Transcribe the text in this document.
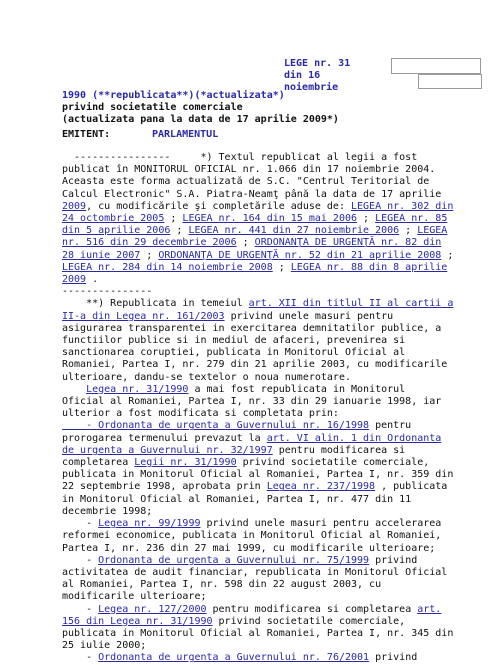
LEGE nr. 31
din 16
noiembrie
1990 (**republicata**)(*actualizata*)
privind societatile comerciale
(actualizata pana la data de 17 aprilie 2009*)
EMITENT:	PARLAMENTUL

----------------     *) Textul republicat al legii a fost
publicat în MONITORUL OFICIAL nr. 1.066 din 17 noiembrie 2004.
Aceasta este forma actualizată de S.C. "Centrul Teritorial de
Calcul Electronic" S.A. Piatra-Neamţ până la data de 17 aprilie
2009, cu modificările şi completările aduse de: LEGEA nr. 302 din
24 octombrie 2005 ; LEGEA nr. 164 din 15 mai 2006 ; LEGEA nr. 85
din 5 aprilie 2006 ; LEGEA nr. 441 din 27 noiembrie 2006 ; LEGEA
nr. 516 din 29 decembrie 2006 ; ORDONANŢA DE URGENŢĂ nr. 82 din
28 iunie 2007 ; ORDONANŢA DE URGENŢĂ nr. 52 din 21 aprilie 2008 ;
LEGEA nr. 284 din 14 noiembrie 2008 ; LEGEA nr. 88 din 8 aprilie
2009 .
---------------

**) Republicata in temeiul art. XII din titlul II al cartii a
II-a din Legea nr. 161/2003 privind unele masuri pentru
asigurarea transparentei in exercitarea demnitatilor publice, a
functiilor publice si in mediul de afaceri, prevenirea si
sanctionarea coruptiei, publicata in Monitorul Oficial al
Romaniei, Partea I, nr. 279 din 21 aprilie 2003, cu modificarile
ulterioare, dandu-se textelor o noua numerotare.

Legea nr. 31/1990 a mai fost republicata in Monitorul
Oficial al Romaniei, Partea I, nr. 33 din 29 ianuarie 1998, iar
ulterior a fost modificata si completata prin:

- Ordonanta de urgenta a Guvernului nr. 16/1998 pentru
prorogarea termenului prevazut la art. VI alin. 1 din Ordonanta
de urgenta a Guvernului nr. 32/1997 pentru modificarea si
completarea Legii nr. 31/1990 privind societatile comerciale,
publicata in Monitorul Oficial al Romaniei, Partea I, nr. 359 din
22 septembrie 1998, aprobata prin Legea nr. 237/1998 , publicata
in Monitorul Oficial al Romaniei, Partea I, nr. 477 din 11
decembrie 1998;

- Legea nr. 99/1999 privind unele masuri pentru accelerarea
reformei economice, publicata in Monitorul Oficial al Romaniei,
Partea I, nr. 236 din 27 mai 1999, cu modificarile ulterioare;

- Ordonanta de urgenta a Guvernului nr. 75/1999 privind
activitatea de audit financiar, republicata in Monitorul Oficial
al Romaniei, Partea I, nr. 598 din 22 august 2003, cu
modificarile ulterioare;

- Legea nr. 127/2000 pentru modificarea si completarea art.
156 din Legea nr. 31/1990 privind societatile comerciale,
publicata in Monitorul Oficial al Romaniei, Partea I, nr. 345 din
25 iulie 2000;

- Ordonanta de urgenta a Guvernului nr. 76/2001 privind
